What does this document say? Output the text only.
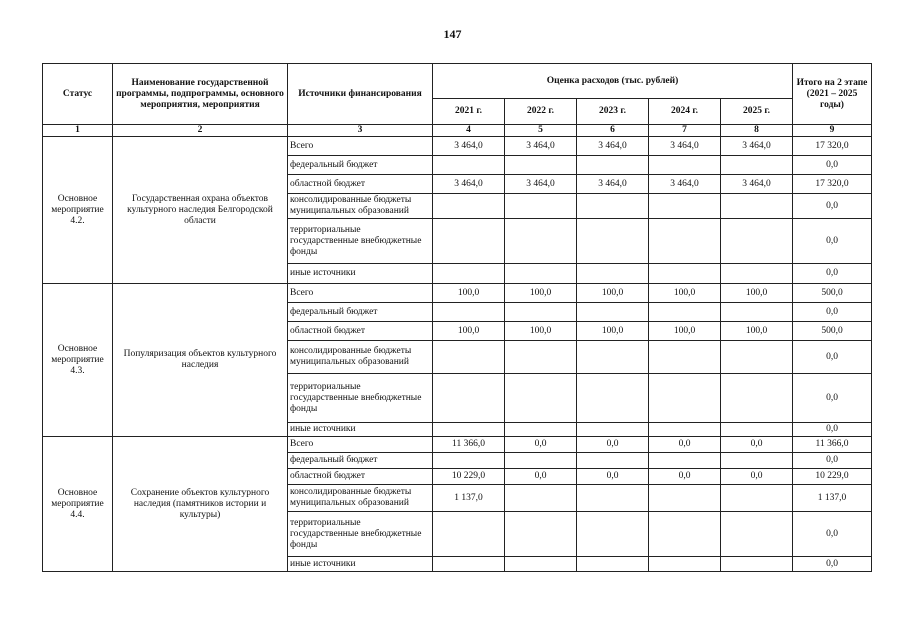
147
Статус	Наименование государственной программы, подпрограммы, основного мероприятия, мероприятия	Источники финансирования	Оценка расходов (тыс. рублей)					Итого на 2 этапе (2021 – 2025 годы)
			2021 г.	2022 г.	2023 г.	2024 г.	2025 г.	
1	2	3	4	5	6	7	8	9
Основное мероприятие 4.2.	Государственная охрана объектов культурного наследия Белгородской области	Всего	3 464,0	3 464,0	3 464,0	3 464,0	3 464,0	17 320,0
		федеральный бюджет						0,0
		областной бюджет	3 464,0	3 464,0	3 464,0	3 464,0	3 464,0	17 320,0
		консолидированные бюджеты муниципальных образований						0,0
		территориальные государственные внебюджетные фонды						0,0
		иные источники						0,0
Основное мероприятие 4.3.	Популяризация объектов культурного наследия	Всего	100,0	100,0	100,0	100,0	100,0	500,0
		федеральный бюджет						0,0
		областной бюджет	100,0	100,0	100,0	100,0	100,0	500,0
		консолидированные бюджеты муниципальных образований						0,0
		территориальные государственные внебюджетные фонды						0,0
		иные источники						0,0
Основное мероприятие 4.4.	Сохранение объектов культурного наследия (памятников истории и культуры)	Всего	11 366,0	0,0	0,0	0,0	0,0	11 366,0
		федеральный бюджет						0,0
		областной бюджет	10 229,0	0,0	0,0	0,0	0,0	10 229,0
		консолидированные бюджеты муниципальных образований	1 137,0					1 137,0
		территориальные государственные внебюджетные фонды						0,0
		иные источники						0,0
